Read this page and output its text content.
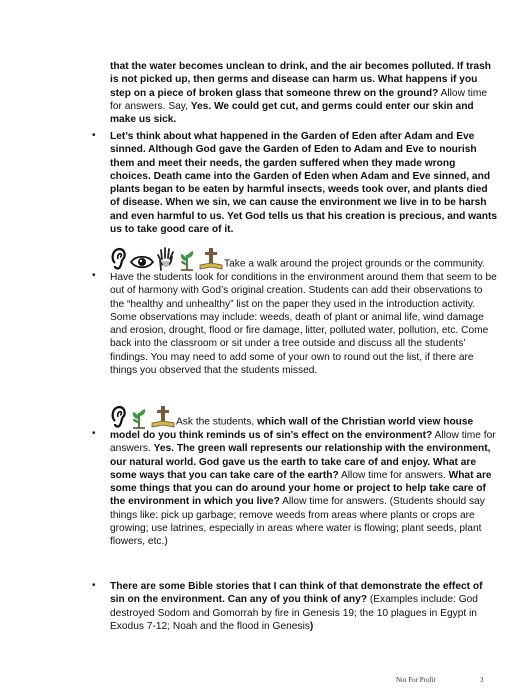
that the water becomes unclean to drink, and the air becomes polluted. If trash is not picked up, then germs and disease can harm us. What happens if you step on a piece of broken glass that someone threw on the ground? Allow time for answers. Say, Yes. We could get cut, and germs could enter our skin and make us sick.
• Let’s think about what happened in the Garden of Eden after Adam and Eve sinned. Although God gave the Garden of Eden to Adam and Eve to nourish them and meet their needs, the garden suffered when they made wrong choices. Death came into the Garden of Eden when Adam and Eve sinned, and plants began to be eaten by harmful insects, weeds took over, and plants died of disease. When we sin, we can cause the environment we live in to be harsh and even harmful to us. Yet God tells us that his creation is precious, and wants us to take good care of it.
•
Take a walk around the project grounds or the community. Have the students look for conditions in the environment around them that seem to be out of harmony with God’s original creation. Students can add their observations to the “healthy and unhealthy” list on the paper they used in the introduction activity. Some observations may include: weeds, death of plant or animal life, wind damage and erosion, drought, flood or fire damage, litter, polluted water, pollution, etc. Come back into the classroom or sit under a tree outside and discuss all the students’ findings. You may need to add some of your own to round out the list, if there are things you observed that the students missed.
•
Ask the students, which wall of the Christian world view house model do you think reminds us of sin’s effect on the environment? Allow time for answers. Yes. The green wall represents our relationship with the environment, our natural world. God gave us the earth to take care of and enjoy. What are some ways that you can take care of the earth? Allow time for answers. What are some things that you can do around your home or project to help take care of the environment in which you live? Allow time for answers. (Students should say things like: pick up garbage; remove weeds from areas where plants or crops are growing; use latrines, especially in areas where water is flowing; plant seeds, plant flowers, etc.)
• There are some Bible stories that I can think of that demonstrate the effect of sin on the environment. Can any of you think of any? (Examples include: God destroyed Sodom and Gomorrah by fire in Genesis 19; the 10 plagues in Egypt in Exodus 7-12; Noah and the flood in Genesis)
Not For Profit	3
